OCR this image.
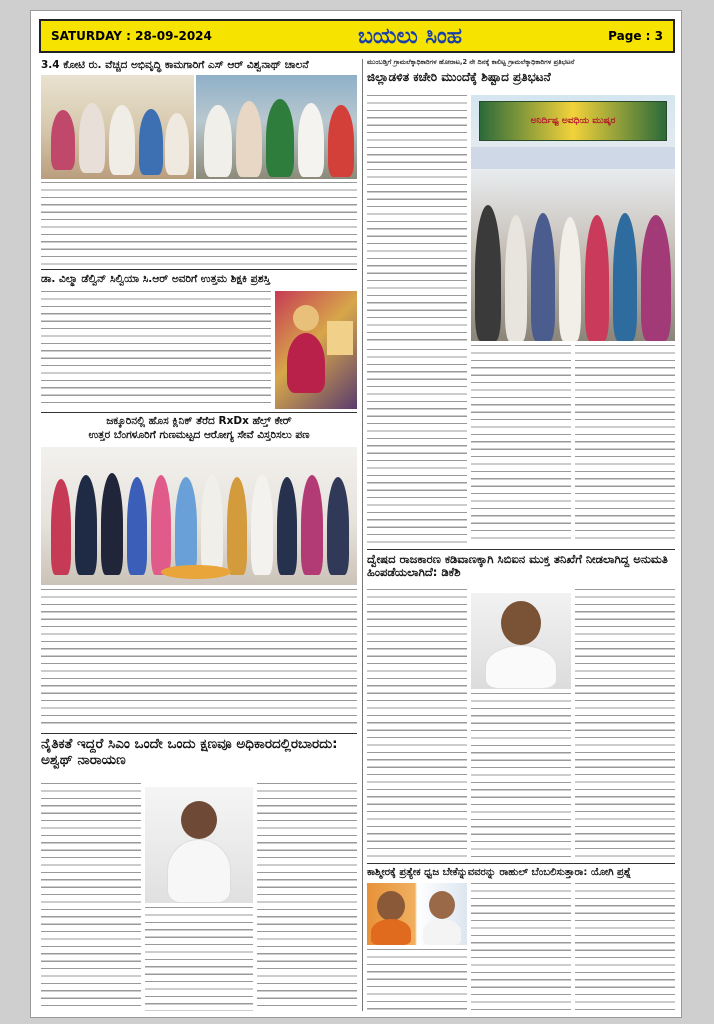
SATURDAY : 28-09-2024	ಬಯಲು ಸಿಂಹ	Page : 3
3.4 ಕೋಟಿ ರು. ವೆಚ್ಚದ ಅಭಿವೃದ್ಧಿ ಕಾಮಗಾರಿಗೆ ಎಸ್ ಆರ್ ವಿಶ್ವನಾಥ್ ಚಾಲನೆ
ಡಾ. ವಿಲ್ಮಾ ಡೆಲ್ವಿನ್ ಸಿಲ್ವಿಯಾ ಸಿ.ಆರ್ ಅವರಿಗೆ ಉತ್ತಮ ಶಿಕ್ಷಕಿ ಪ್ರಶಸ್ತಿ
ಜಕ್ಕೂರಿನಲ್ಲಿ ಹೊಸ ಕ್ಲಿನಿಕ್ ತೆರೆದ RxDx ಹೆಲ್ತ್ ಕೇರ್
ಉತ್ತರ ಬೆಂಗಳೂರಿಗೆ ಗುಣಮಟ್ಟದ ಆರೋಗ್ಯ ಸೇವೆ ವಿಸ್ತರಿಸಲು ಪಣ
ನೈತಿಕತೆ ಇದ್ದರೆ ಸಿಎಂ ಒಂದೇ ಒಂದು ಕ್ಷಣವೂ ಅಧಿಕಾರದಲ್ಲಿರಬಾರದು: ಅಶ್ವಥ್ ನಾರಾಯಣ
ಮುಂಬಡ್ತಿಗೆ ಗ್ರಾಮಲೆಕ್ಕಾಧಿಕಾರಿಗಳ ಹೋರಾಟ,2 ನೇ ದಿನಕ್ಕೆ ಕಾಲಿಟ್ಟ ಗ್ರಾಮಲೆಕ್ಕಾಧಿಕಾರಿಗಳ ಪ್ರತಿಭಟನೆ
ಜಿಲ್ಲಾಡಳಿತ ಕಚೇರಿ ಮುಂದೆಕ್ಕೆ ಶಿಷ್ಟಾದ ಪ್ರತಿಭಟನೆ
ಅನಿರ್ದಿಷ್ಟ ಅವಧಿಯ ಮುಷ್ಕರ
ದ್ವೇಷದ ರಾಜಕಾರಣ ಕಡಿವಾಣಕ್ಕಾಗಿ ಸಿಬಿಐನ ಮುಕ್ತ ತನಿಖೆಗೆ ನೀಡಲಾಗಿದ್ದ ಅನುಮತಿ ಹಿಂಪಡೆಯಲಾಗಿದೆ: ಡಿಕೆಶಿ
ಕಾಶ್ಮೀರಕ್ಕೆ ಪ್ರತ್ಯೇಕ ಧ್ವಜ ಬೇಕೆನ್ನುವವರನ್ನು ರಾಹುಲ್ ಬೆಂಬಲಿಸುತ್ತಾರಾ: ಯೋಗಿ ಪ್ರಶ್ನೆ
